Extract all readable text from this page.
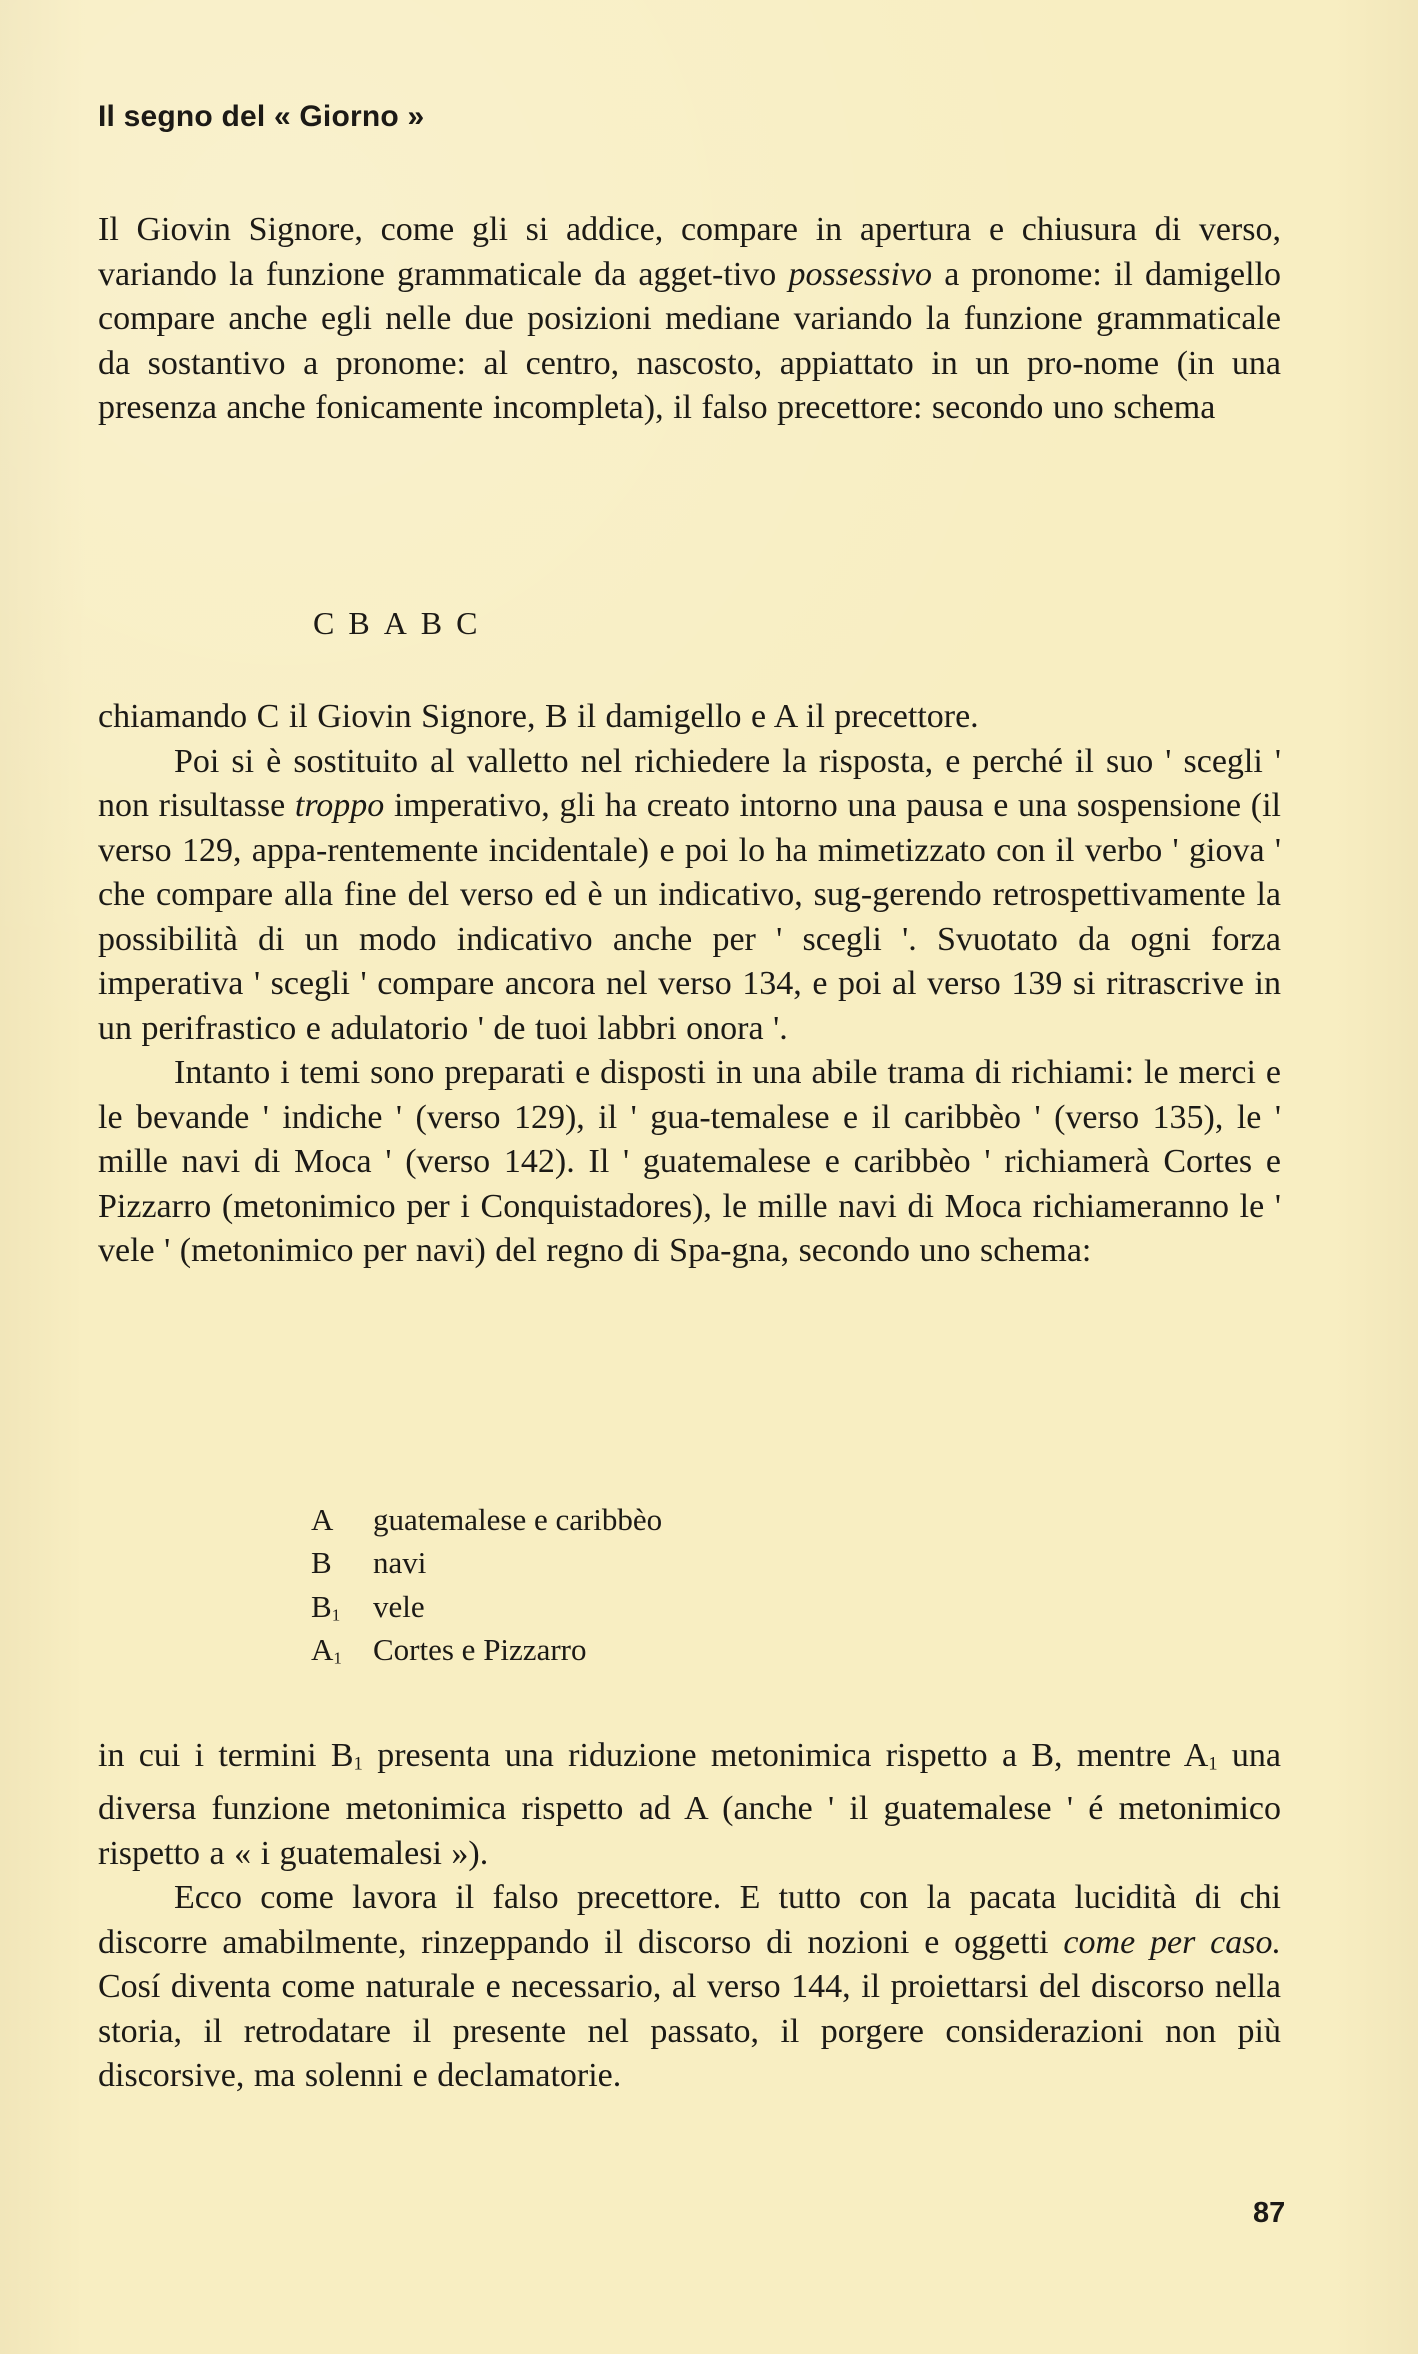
Il segno del « Giorno »

Il Giovin Signore, come gli si addice, compare in apertura e chiusura di verso, variando la funzione grammaticale da agget‐tivo possessivo a pronome: il damigello compare anche egli nelle due posizioni mediane variando la funzione grammaticale da sostantivo a pronome: al centro, nascosto, appiattato in un pro‐nome (in una presenza anche fonicamente incompleta), il falso precettore: secondo uno schema

CBABC

chiamando C il Giovin Signore, B il damigello e A il precettore.

Poi si è sostituito al valletto nel richiedere la risposta, e perché il suo ' scegli ' non risultasse troppo imperativo, gli ha creato intorno una pausa e una sospensione (il verso 129, appa‐rentemente incidentale) e poi lo ha mimetizzato con il verbo ' giova ' che compare alla fine del verso ed è un indicativo, sug‐gerendo retrospettivamente la possibilità di un modo indicativo anche per ' scegli '. Svuotato da ogni forza imperativa ' scegli ' compare ancora nel verso 134, e poi al verso 139 si ritrascrive in un perifrastico e adulatorio ' de tuoi labbri onora '.

Intanto i temi sono preparati e disposti in una abile trama di richiami: le merci e le bevande ' indiche ' (verso 129), il ' gua‐temalese e il caribbèo ' (verso 135), le ' mille navi di Moca ' (verso 142). Il ' guatemalese e caribbèo ' richiamerà Cortes e Pizzarro (metonimico per i Conquistadores), le mille navi di Moca richiameranno le ' vele ' (metonimico per navi) del regno di Spa‐gna, secondo uno schema:

A	guatemalese e caribbèo
B	navi
$B_1$	vele
$A_1$	Cortes e Pizzarro

in cui i termini $B_1$ presenta una riduzione metonimica rispetto a B, mentre $A_1$ una diversa funzione metonimica rispetto ad A (anche ' il guatemalese ' é metonimico rispetto a « i guatemalesi »).

Ecco come lavora il falso precettore. E tutto con la pacata lucidità di chi discorre amabilmente, rinzeppando il discorso di nozioni e oggetti come per caso. Cosí diventa come naturale e necessario, al verso 144, il proiettarsi del discorso nella storia, il retrodatare il presente nel passato, il porgere considerazioni non più discorsive, ma solenni e declamatorie.

87
